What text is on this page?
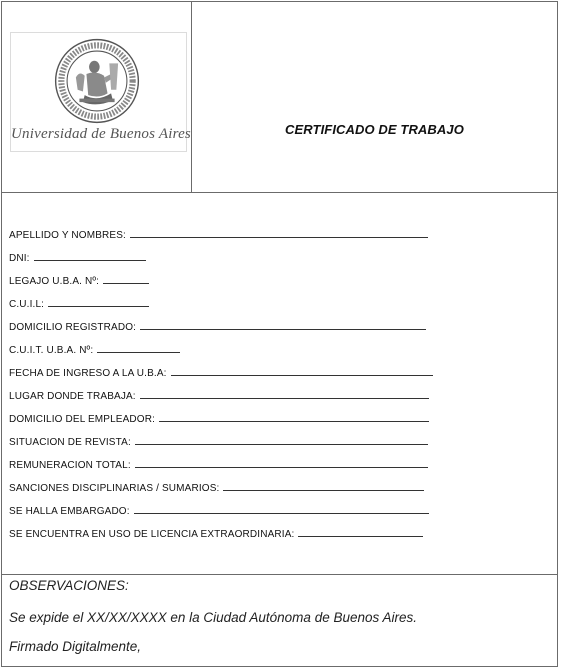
Universidad de Buenos Aires	CERTIFICADO DE TRABAJO
APELLIDO Y NOMBRES:
DNI:
LEGAJO U.B.A. Nº:
C.U.I.L:
DOMICILIO REGISTRADO:
C.U.I.T. U.B.A. Nº:
FECHA DE INGRESO A LA U.B.A:
LUGAR DONDE TRABAJA:
DOMICILIO DEL EMPLEADOR:
SITUACION DE REVISTA:
REMUNERACION TOTAL:
SANCIONES DISCIPLINARIAS / SUMARIOS:
SE HALLA EMBARGADO:
SE ENCUENTRA EN USO DE LICENCIA EXTRAORDINARIA:
OBSERVACIONES:
Se expide el XX/XX/XXXX en la Ciudad Autónoma de Buenos Aires.
Firmado Digitalmente,
